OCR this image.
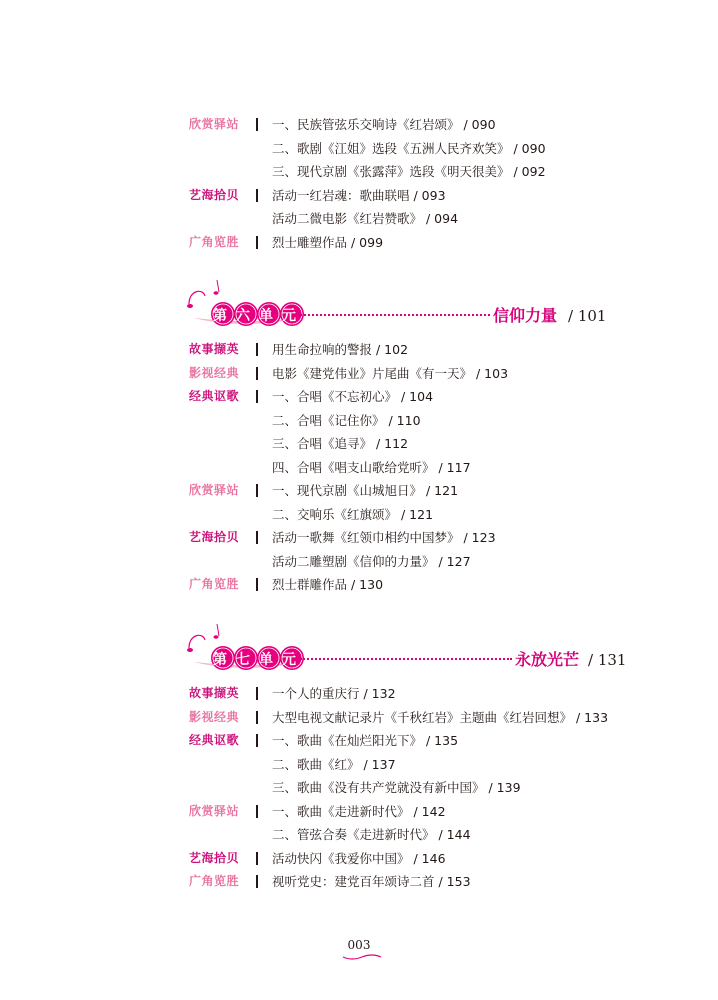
欣赏驿站	一、民族管弦乐交响诗《红岩颂》 / 090
二、歌剧《江姐》选段《五洲人民齐欢笑》 / 090
三、现代京剧《张露萍》选段《明天很美》 / 092
艺海拾贝	活动一红岩魂：歌曲联唱 / 093
活动二微电影《红岩赞歌》 / 094
广角览胜	烈士雕塑作品 / 099
第六单元	信仰力量 / 101
故事撷英	用生命拉响的警报 / 102
影视经典	电影《建党伟业》片尾曲《有一天》 / 103
经典讴歌	一、合唱《不忘初心》 / 104
二、合唱《记住你》 / 110
三、合唱《追寻》 / 112
四、合唱《唱支山歌给党听》 / 117
欣赏驿站	一、现代京剧《山城旭日》 / 121
二、交响乐《红旗颂》 / 121
艺海拾贝	活动一歌舞《红领巾相约中国梦》 / 123
活动二雕塑剧《信仰的力量》 / 127
广角览胜	烈士群雕作品 / 130
第七单元	永放光芒 / 131
故事撷英	一个人的重庆行 / 132
影视经典	大型电视文献记录片《千秋红岩》主题曲《红岩回想》 / 133
经典讴歌	一、歌曲《在灿烂阳光下》 / 135
二、歌曲《红》 / 137
三、歌曲《没有共产党就没有新中国》 / 139
欣赏驿站	一、歌曲《走进新时代》 / 142
二、管弦合奏《走进新时代》 / 144
艺海拾贝	活动快闪《我爱你中国》 / 146
广角览胜	视听党史：建党百年颂诗二首 / 153
003
